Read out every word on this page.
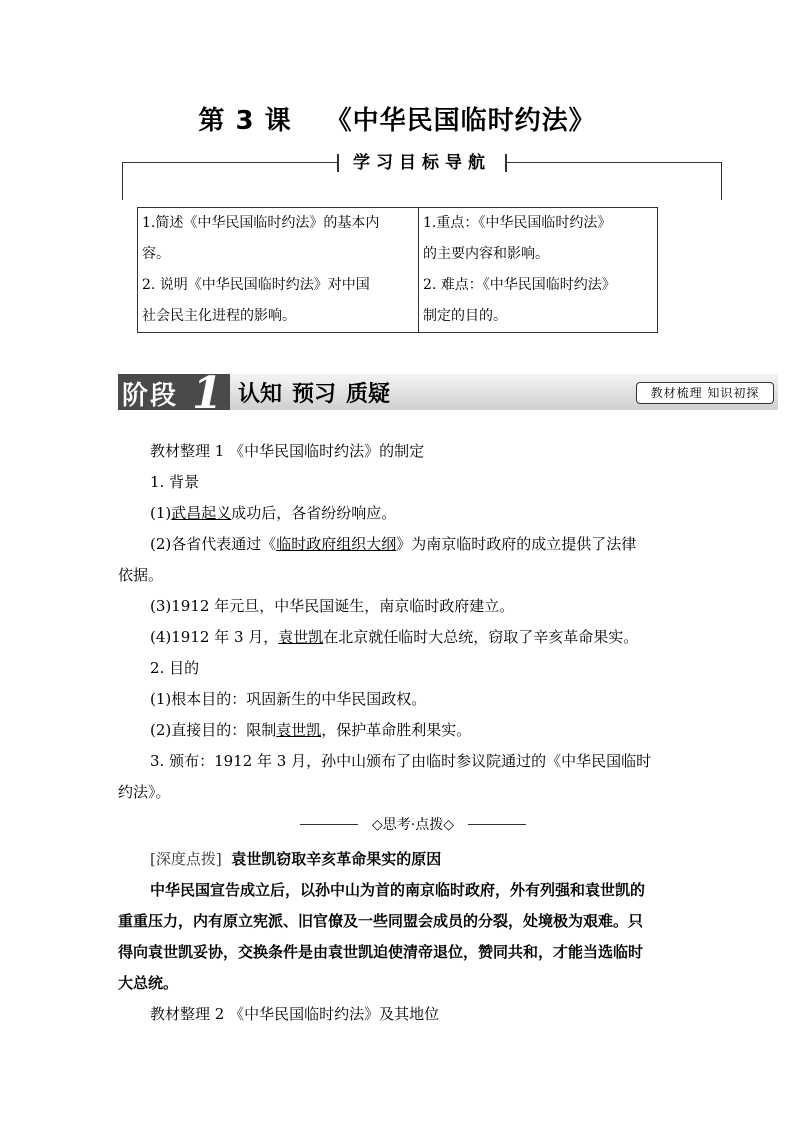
第 3 课 《中华民国临时约法》
学习目标导航
1.简述《中华民国临时约法》的基本内
容。
2. 说明《中华民国临时约法》对中国
社会民主化进程的影响。

1.重点：《中华民国临时约法》
的主要内容和影响。
2. 难点：《中华民国临时约法》
制定的目的。
阶段 1 认知 预习 质疑	教材梳理 知识初探
教材整理 1 《中华民国临时约法》的制定
1. 背景
(1)武昌起义成功后，各省纷纷响应。
(2)各省代表通过《临时政府组织大纲》为南京临时政府的成立提供了法律
依据。
(3)1912 年元旦，中华民国诞生，南京临时政府建立。
(4)1912 年 3 月，袁世凯在北京就任临时大总统，窃取了辛亥革命果实。
2. 目的
(1)根本目的：巩固新生的中华民国政权。
(2)直接目的：限制袁世凯，保护革命胜利果实。
3. 颁布：1912 年 3 月，孙中山颁布了由临时参议院通过的《中华民国临时
约法》。
◇思考·点拨◇
[深度点拨] 袁世凯窃取辛亥革命果实的原因
中华民国宣告成立后，以孙中山为首的南京临时政府，外有列强和袁世凯的
重重压力，内有原立宪派、旧官僚及一些同盟会成员的分裂，处境极为艰难。只
得向袁世凯妥协，交换条件是由袁世凯迫使清帝退位，赞同共和，才能当选临时
大总统。
教材整理 2 《中华民国临时约法》及其地位
